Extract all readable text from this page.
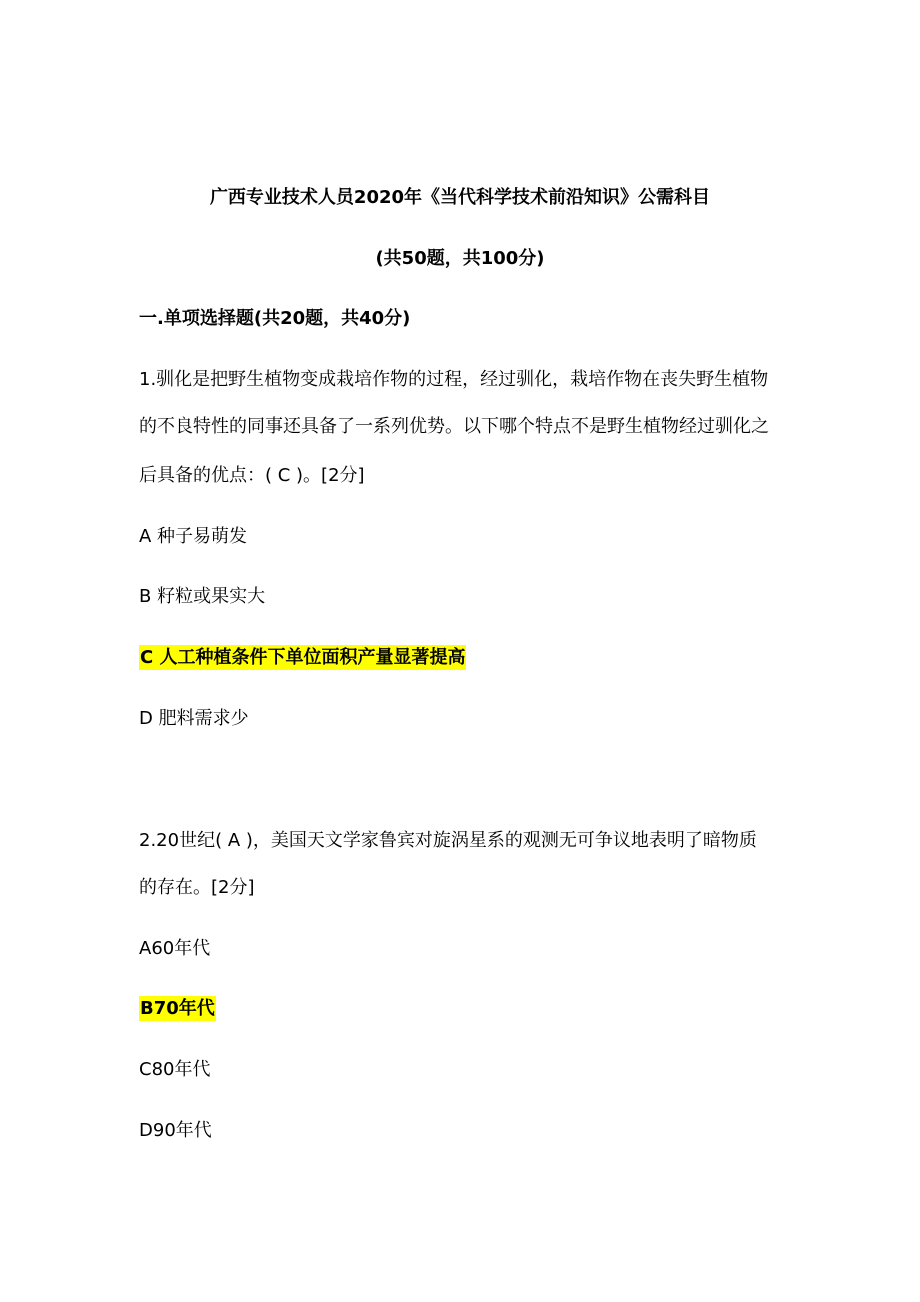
广西专业技术人员2020年《当代科学技术前沿知识》公需科目
(共50题，共100分)
一.单项选择题(共20题，共40分)
1.驯化是把野生植物变成栽培作物的过程，经过驯化，栽培作物在丧失野生植物
的不良特性的同事还具备了一系列优势。以下哪个特点不是野生植物经过驯化之
后具备的优点：( C )。[2分]
A 种子易萌发
B 籽粒或果实大
C 人工种植条件下单位面积产量显著提高
D 肥料需求少
2.20世纪( A )，美国天文学家鲁宾对旋涡星系的观测无可争议地表明了暗物质
的存在。[2分]
A60年代
B70年代
C80年代
D90年代
